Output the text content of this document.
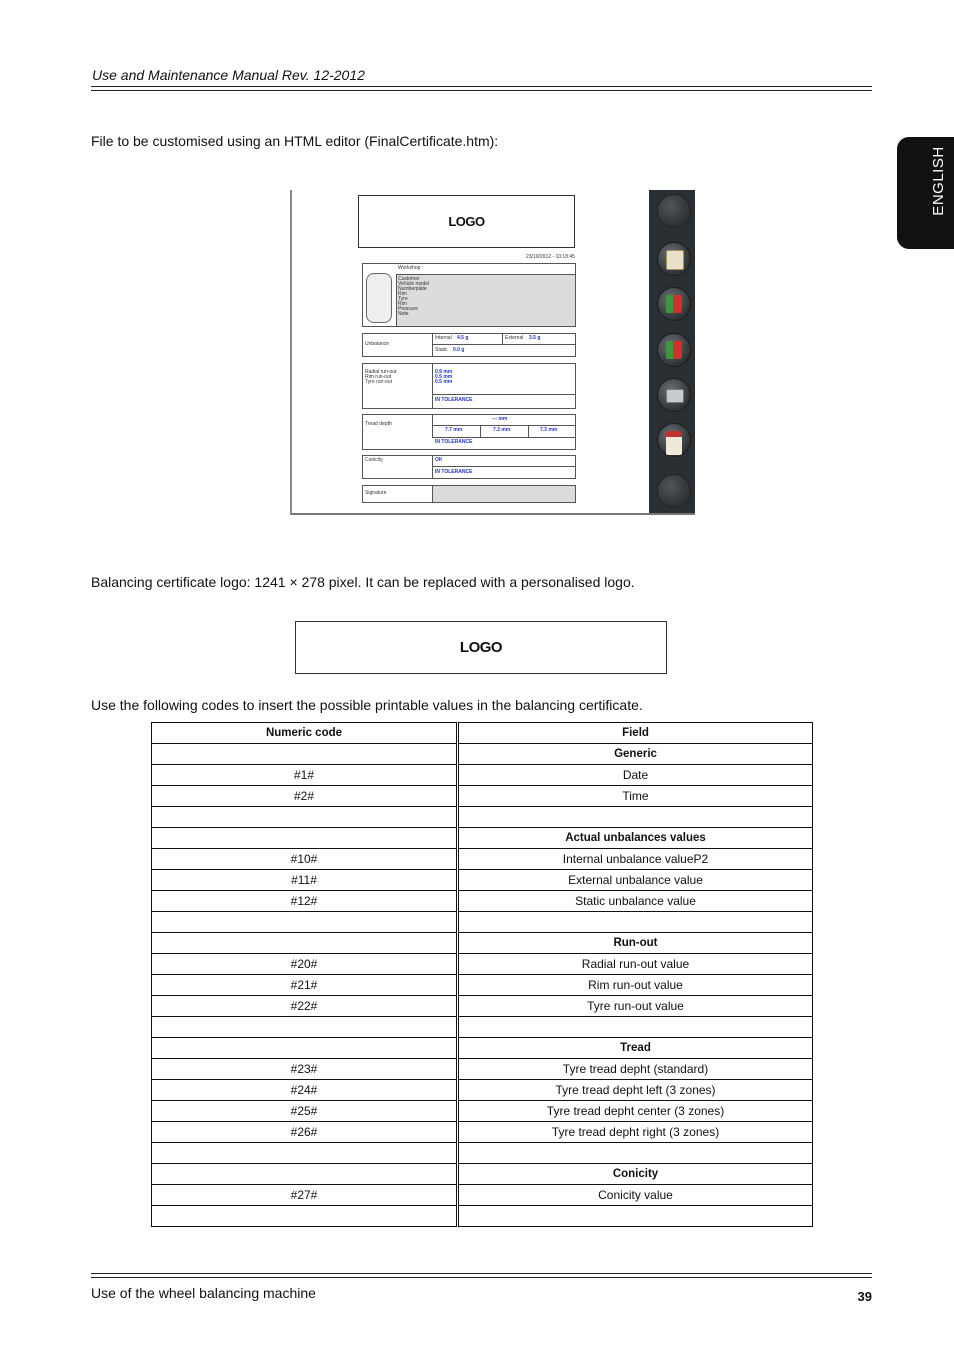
Use and Maintenance Manual Rev. 12-2012
ENGLISH
File to be customised using an HTML editor (FinalCertificate.htm):
LOGO
23/10/2012 - 10:18:45
Workshop
Customer
Vehicle model
Numberplate
Rim
Tyre
Rim
Pressure
Note
Unbalance
Internal 4.5 g	External 3.5 g
Static 0.0 g
Radial run-out
Rim run-out
Tyre run-out
0.9 mm
0.5 mm
0.5 mm
IN TOLERANCE
Tread depth
--- mm
7.7 mm	7.3 mm	7.3 mm
IN TOLERANCE
Conicity	OK
IN TOLERANCE
Signature
Balancing certificate logo: 1241 × 278 pixel. It can be replaced with a personalised logo.
LOGO
Use the following codes to insert the possible printable values in the balancing certificate.
Numeric code	Field
	Generic
#1#	Date
#2#	Time

	Actual unbalances values
#10#	Internal unbalance valueP2
#11#	External unbalance value
#12#	Static unbalance value

	Run-out
#20#	Radial run-out value
#21#	Rim run-out value
#22#	Tyre run-out value

	Tread
#23#	Tyre tread depht (standard)
#24#	Tyre tread depht left (3 zones)
#25#	Tyre tread depht center (3 zones)
#26#	Tyre tread depht right (3 zones)

	Conicity
#27#	Conicity value

Use of the wheel balancing machine	39
